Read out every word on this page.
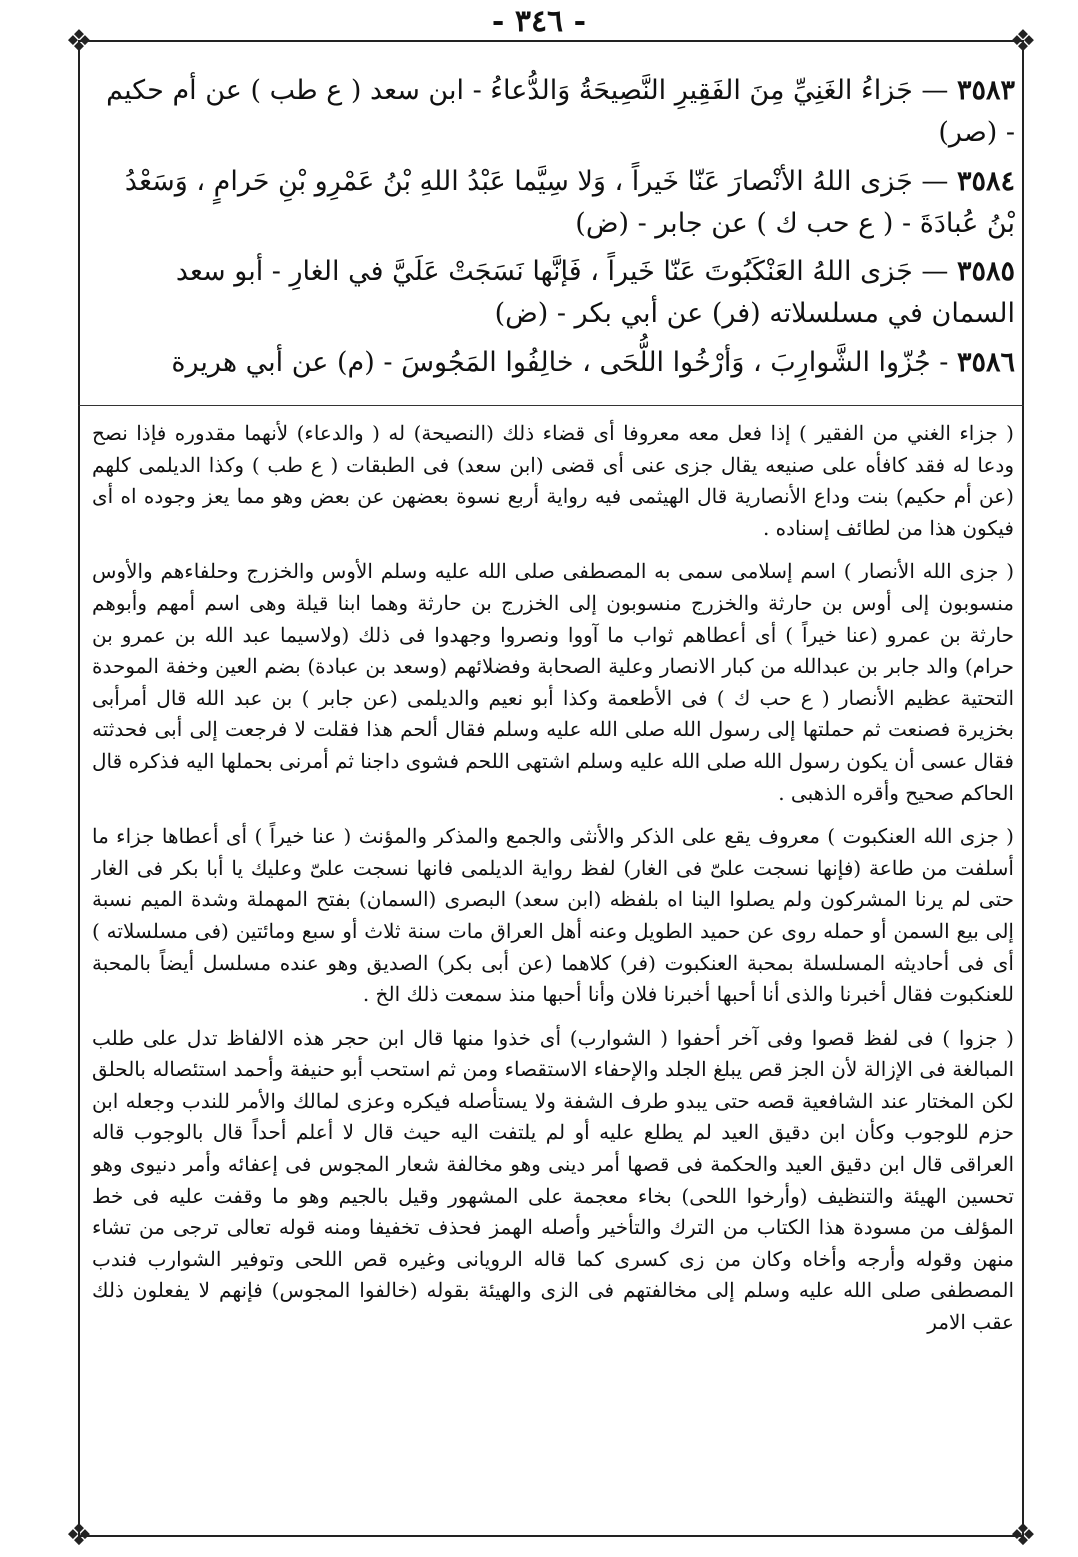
- ٣٤٦ -
❖	❖
❖	❖

٣٥٨٣ — جَزاءُ الغَنِيِّ مِنَ الفَقِيرِ النَّصِيحَةُ وَالدُّعاءُ - ابن سعد ( ع طب ) عن أم حكيم - (صر)

٣٥٨٤ — جَزى اللهُ الأنْصارَ عَنّا خَيراً ، وَلا سِيَّما عَبْدُ اللهِ بْنُ عَمْرِو بْنِ حَرامٍ ، وَسَعْدُ بْنُ عُبادَةَ - ( ع حب ك ) عن جابر - (ض)

٣٥٨٥ — جَزى اللهُ العَنْكَبُوتَ عَنّا خَيراً ، فَإنَّها نَسَجَتْ عَلَيَّ في الغارِ - أبو سعد السمان في مسلسلاته (فر) عن أبي بكر - (ض)

٣٥٨٦ - جُزّوا الشَّوارِبَ ، وَأرْخُوا اللُّحَى ، خالِفُوا المَجُوسَ - (م) عن أبي هريرة

( جزاء الغني من الفقير ) إذا فعل معه معروفا أى قضاء ذلك (النصيحة) له ( والدعاء) لأنهما مقدوره فإذا نصح ودعا له فقد كافأه على صنيعه يقال جزى عنى أى قضى (ابن سعد) فى الطبقات ( ع طب ) وكذا الديلمى كلهم (عن أم حكيم) بنت وداع الأنصارية قال الهيثمى فيه رواية أربع نسوة بعضهن عن بعض وهو مما يعز وجوده اه أى فيكون هذا من لطائف إسناده .

( جزى الله الأنصار ) اسم إسلامى سمى به المصطفى صلى الله عليه وسلم الأوس والخزرج وحلفاءهم والأوس منسوبون إلى أوس بن حارثة والخزرج منسوبون إلى الخزرج بن حارثة وهما ابنا قيلة وهى اسم أمهم وأبوهم حارثة بن عمرو (عنا خيراً ) أى أعطاهم ثواب ما آووا ونصروا وجهدوا فى ذلك (ولاسيما عبد الله بن عمرو بن حرام) والد جابر بن عبدالله من كبار الانصار وعلية الصحابة وفضلائهم (وسعد بن عبادة) بضم العين وخفة الموحدة التحتية عظيم الأنصار ( ع حب ك ) فى الأطعمة وكذا أبو نعيم والديلمى (عن جابر ) بن عبد الله قال أمرأبى بخزيرة فصنعت ثم حملتها إلى رسول الله صلى الله عليه وسلم فقال ألحم هذا فقلت لا فرجعت إلى أبى فحدثته فقال عسى أن يكون رسول الله صلى الله عليه وسلم اشتهى اللحم فشوى داجنا ثم أمرنى بحملها اليه فذكره قال الحاكم صحيح وأقره الذهبى .

( جزى الله العنكبوت ) معروف يقع على الذكر والأنثى والجمع والمذكر والمؤنث ( عنا خيراً ) أى أعطاها جزاء ما أسلفت من طاعة (فإنها نسجت علىّ فى الغار) لفظ رواية الديلمى فانها نسجت علىّ وعليك يا أبا بكر فى الغار حتى لم يرنا المشركون ولم يصلوا الينا اه بلفظه (ابن سعد) البصرى (السمان) بفتح المهملة وشدة الميم نسبة إلى بيع السمن أو حمله روى عن حميد الطويل وعنه أهل العراق مات سنة ثلاث أو سبع ومائتين (فى مسلسلاته ) أى فى أحاديثه المسلسلة بمحبة العنكبوت (فر) كلاهما (عن أبى بكر) الصديق وهو عنده مسلسل أيضاً بالمحبة للعنكبوت فقال أخبرنا والذى أنا أحبها أخبرنا فلان وأنا أحبها منذ سمعت ذلك الخ .

( جزوا ) فى لفظ قصوا وفى آخر أحفوا ( الشوارب) أى خذوا منها قال ابن حجر هذه الالفاظ تدل على طلب المبالغة فى الإزالة لأن الجز قص يبلغ الجلد والإحفاء الاستقصاء ومن ثم استحب أبو حنيفة وأحمد استئصاله بالحلق لكن المختار عند الشافعية قصه حتى يبدو طرف الشفة ولا يستأصله فيكره وعزى لمالك والأمر للندب وجعله ابن حزم للوجوب وكأن ابن دقيق العيد لم يطلع عليه أو لم يلتفت اليه حيث قال لا أعلم أحداً قال بالوجوب قاله العراقى قال ابن دقيق العيد والحكمة فى قصها أمر دينى وهو مخالفة شعار المجوس فى إعفائه وأمر دنيوى وهو تحسين الهيئة والتنظيف (وأرخوا اللحى) بخاء معجمة على المشهور وقيل بالجيم وهو ما وقفت عليه فى خط المؤلف من مسودة هذا الكتاب من الترك والتأخير وأصله الهمز فحذف تخفيفا ومنه قوله تعالى ترجى من تشاء منهن وقوله وأرجه وأخاه وكان من زى كسرى كما قاله الرويانى وغيره قص اللحى وتوفير الشوارب فندب المصطفى صلى الله عليه وسلم إلى مخالفتهم فى الزى والهيئة بقوله (خالفوا المجوس) فإنهم لا يفعلون ذلك عقب الامر
